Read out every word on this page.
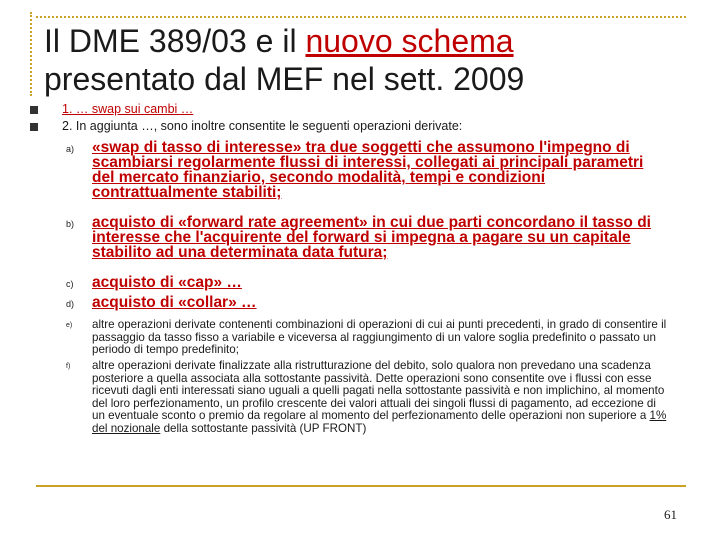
Il DME 389/03 e il nuovo schema
presentato dal MEF nel sett. 2009
1. … swap sui cambi …
2. In aggiunta …, sono inoltre consentite le seguenti operazioni derivate:
a)	«swap di tasso di interesse» tra due soggetti che assumono l'impegno di scambiarsi regolarmente flussi di interessi, collegati ai principali parametri del mercato finanziario, secondo modalità, tempi e condizioni contrattualmente stabiliti;
b)	acquisto di «forward rate agreement» in cui due parti concordano il tasso di interesse che l'acquirente del forward si impegna a pagare su un capitale stabilito ad una determinata data futura;
c)	acquisto di «cap» …
d)	acquisto di «collar» …
e)	altre operazioni derivate contenenti combinazioni di operazioni di cui ai punti precedenti, in grado di consentire il passaggio da tasso fisso a variabile e viceversa al raggiungimento di un valore soglia predefinito o passato un periodo di tempo predefinito;
f)	altre operazioni derivate finalizzate alla ristrutturazione del debito, solo qualora non prevedano una scadenza posteriore a quella associata alla sottostante passività. Dette operazioni sono consentite ove i flussi con esse ricevuti dagli enti interessati siano uguali a quelli pagati nella sottostante passività e non implichino, al momento del loro perfezionamento, un profilo crescente dei valori attuali dei singoli flussi di pagamento, ad eccezione di un eventuale sconto o premio da regolare al momento del perfezionamento delle operazioni non superiore a 1% del nozionale della sottostante passività (UP FRONT)
61
